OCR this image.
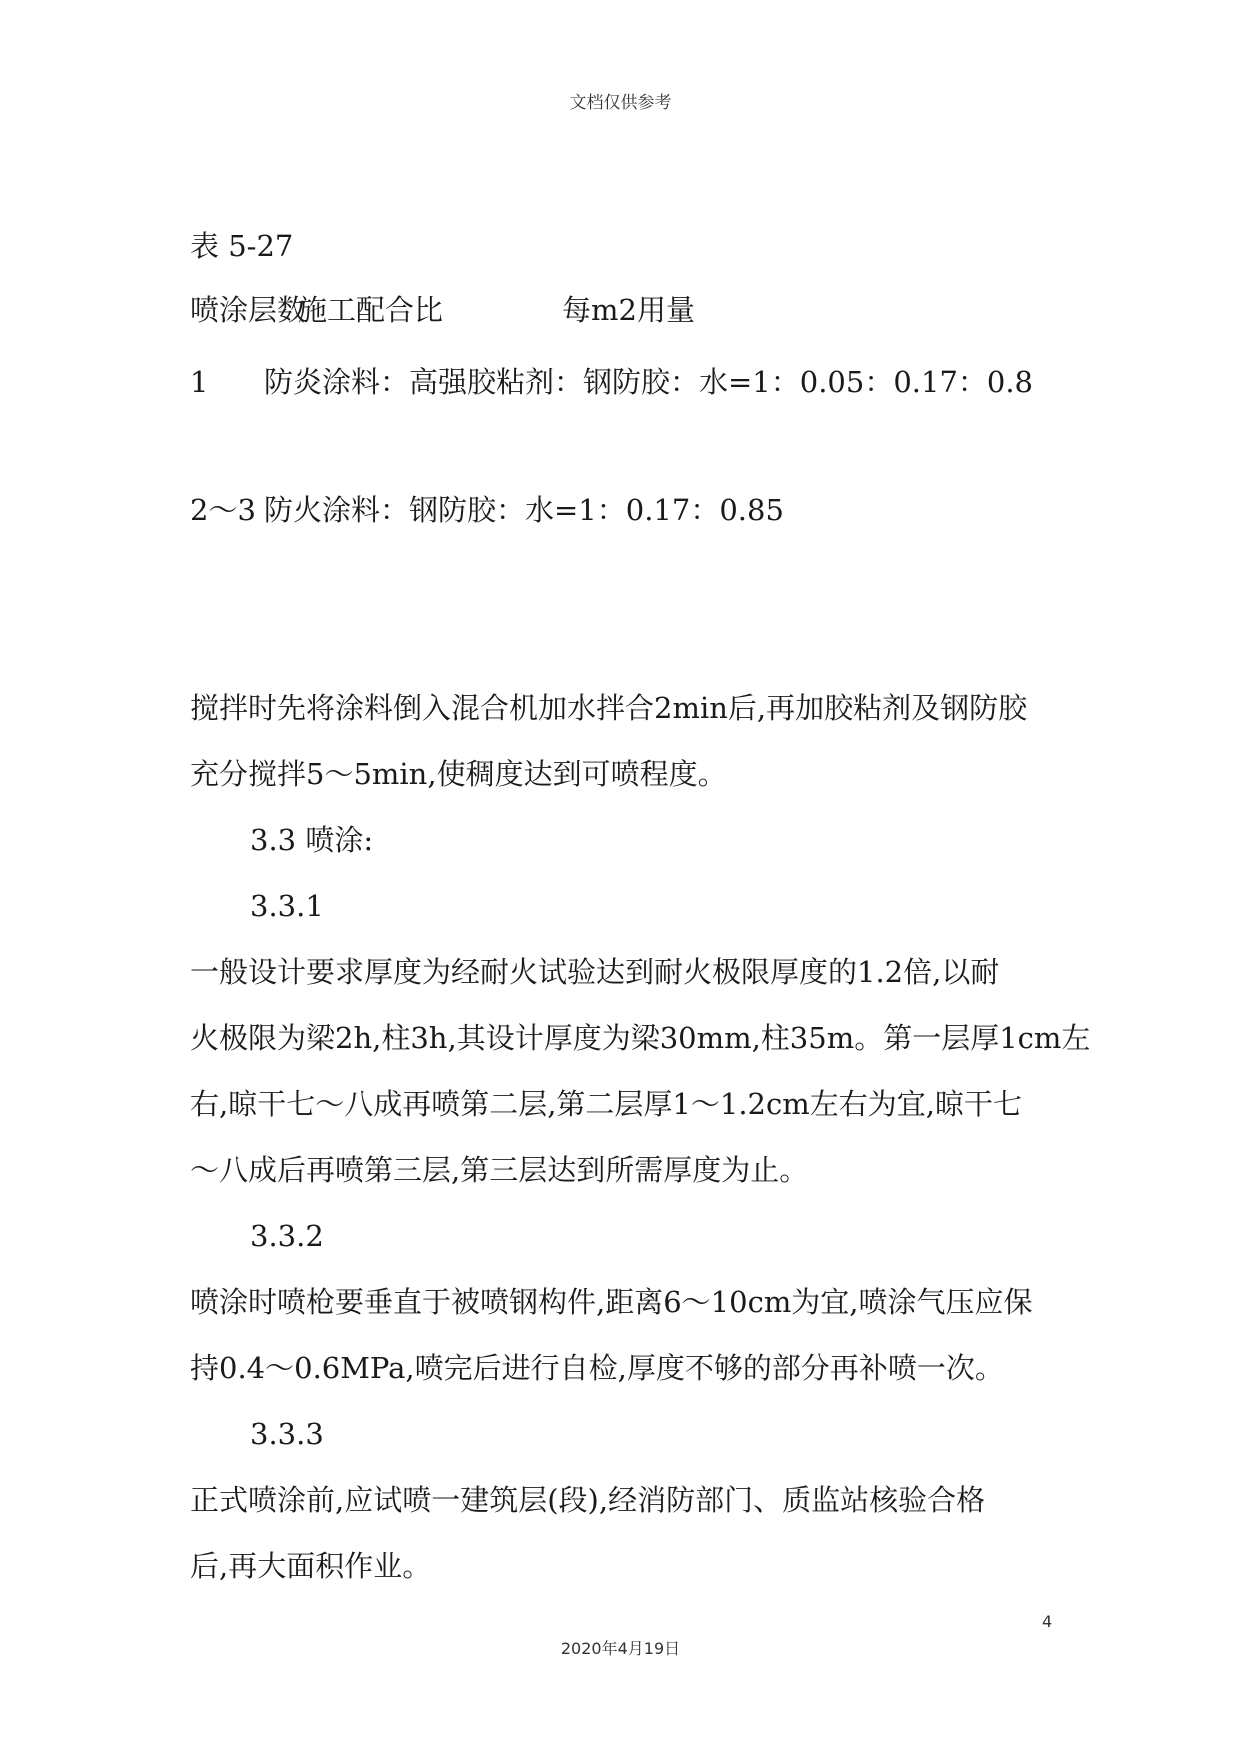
文档仅供参考
表 5-27
喷涂层数
施工配合比	每m2用量
1 防炎涂料：高强胶粘剂：钢防胶：水=1：0.05：0.17：0.8
2～3 防火涂料：钢防胶：水=1：0.17：0.85
搅拌时先将涂料倒入混合机加水拌合2min后,再加胶粘剂及钢防胶
充分搅拌5～5min,使稠度达到可喷程度。
3.3 喷涂:
3.3.1
一般设计要求厚度为经耐火试验达到耐火极限厚度的1.2倍,以耐
火极限为梁2h,柱3h,其设计厚度为梁30mm,柱35m。第一层厚1cm左
右,晾干七～八成再喷第二层,第二层厚1～1.2cm左右为宜,晾干七
～八成后再喷第三层,第三层达到所需厚度为止。
3.3.2
喷涂时喷枪要垂直于被喷钢构件,距离6～10cm为宜,喷涂气压应保
持0.4～0.6MPa,喷完后进行自检,厚度不够的部分再补喷一次。
3.3.3
正式喷涂前,应试喷一建筑层(段),经消防部门、质监站核验合格
后,再大面积作业。
4
2020年4月19日
